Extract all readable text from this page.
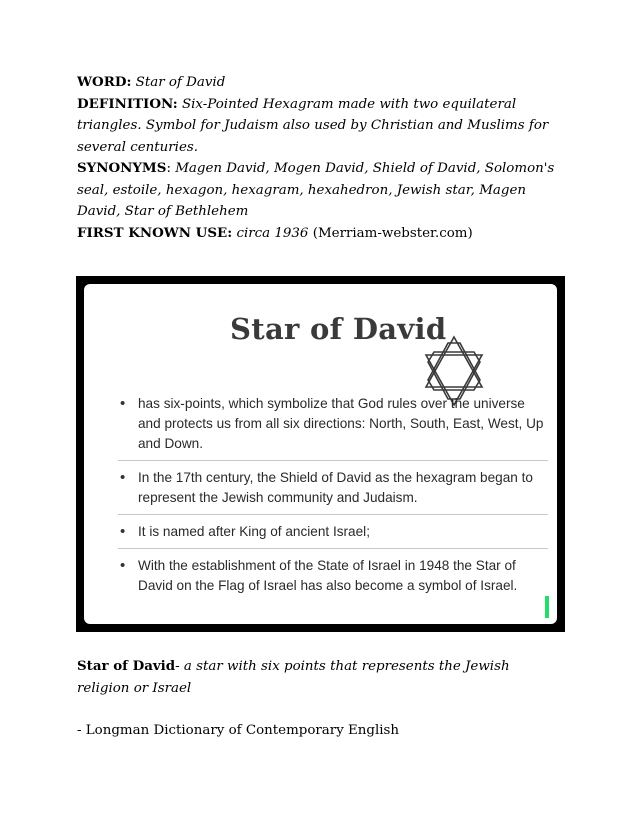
WORD: Star of David

DEFINITION: Six-Pointed Hexagram made with two equilateral triangles. Symbol for Judaism also used by Christian and Muslims for several centuries.

SYNONYMS: Magen David, Mogen David, Shield of David, Solomon's seal, estoile, hexagon, hexagram, hexahedron, Jewish star, Magen David, Star of Bethlehem

FIRST KNOWN USE: circa 1936 (Merriam-webster.com)

Star of David
• has six-points, which symbolize that God rules over the universe and protects us from all six directions: North, South, East, West, Up and Down.
• In the 17th century, the Shield of David as the hexagram began to represent the Jewish community and Judaism.
• It is named after King of ancient Israel;
• With the establishment of the State of Israel in 1948 the Star of David on the Flag of Israel has also become a symbol of Israel.

Star of David- a star with six points that represents the Jewish religion or Israel

- Longman Dictionary of Contemporary English
